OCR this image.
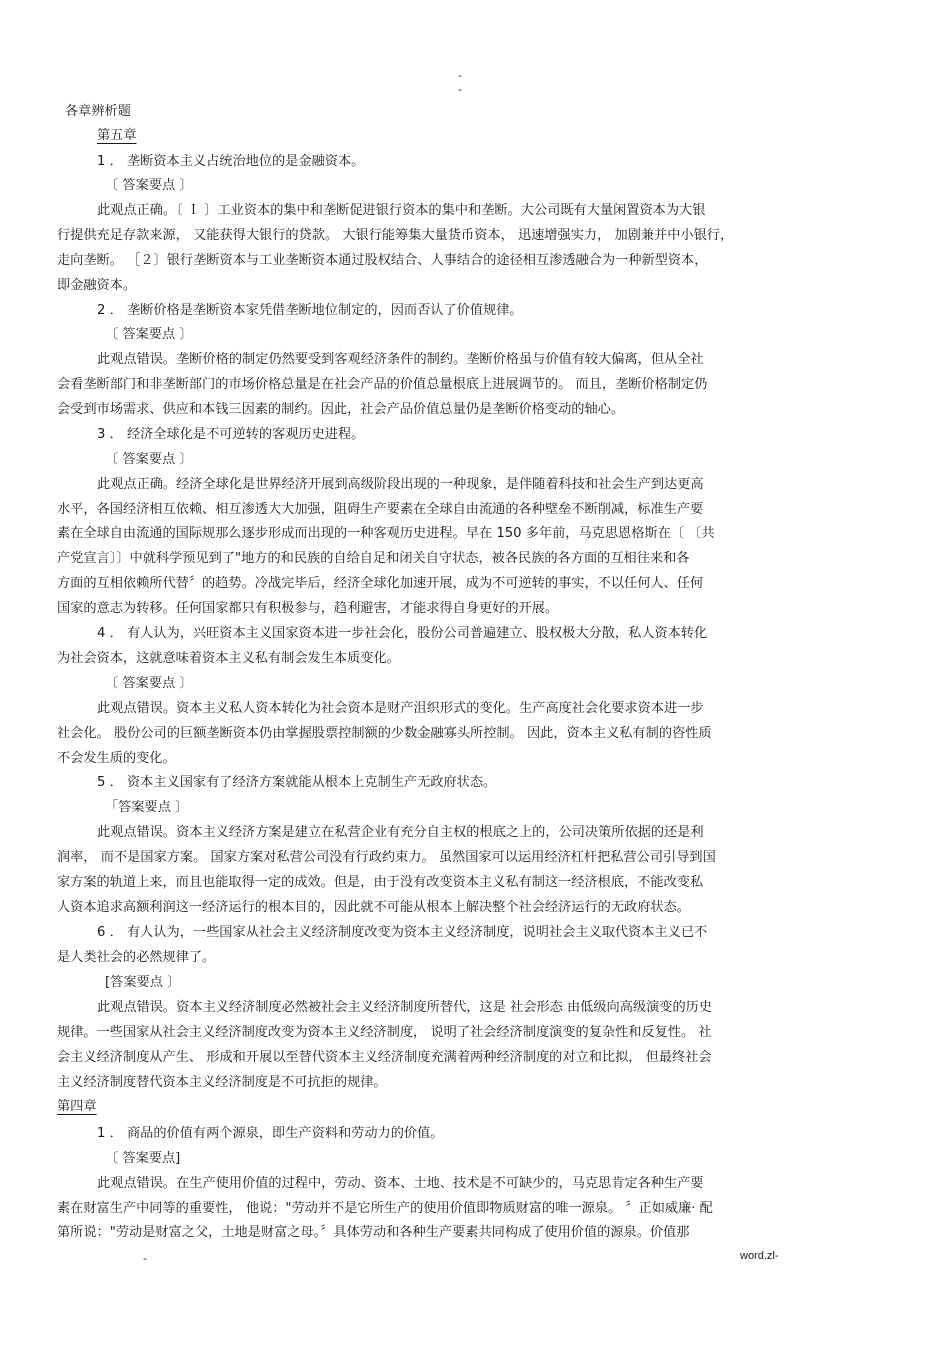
-
-
各章辨析题
第五章
1 ． 垄断资本主义占统治地位的是金融资本。
〔 答案要点 〕
此观点正确。〔 Ｉ 〕工业资本的集中和垄断促进银行资本的集中和垄断。大公司既有大量闲置资本为大银
行提供充足存款来源， 又能获得大银行的贷款。 大银行能筹集大量货币资本， 迅速增强实力， 加剧兼并中小银行，
走向垄断。 ［２〕银行垄断资本与工业垄断资本通过股权结合、人事结合的途径相互渗透融合为一种新型资本，
即金融资本。
2 ． 垄断价格是垄断资本家凭借垄断地位制定的，因而否认了价值规律。
〔 答案要点 〕
此观点错误。垄断价格的制定仍然要受到客观经济条件的制约。垄断价格虽与价值有较大偏离，但从全社
会看垄断部门和非垄断部门的市场价格总量是在社会产品的价值总量根底上进展调节的。 而且，垄断价格制定仍
会受到市场需求、供应和本钱三因素的制约。因此，社会产品价值总量仍是垄断价格变动的轴心。
3 ． 经济全球化是不可逆转的客观历史进程。
〔 答案要点 〕
此观点正确。经济全球化是世界经济开展到高级阶段出现的一种现象，是伴随着科技和社会生产到达更高
水平，各国经济相互依赖、相互渗透大大加强，阻碍生产要素在全球自由流通的各种壁垒不断削减，标准生产要
素在全球自由流通的国际规那么逐步形成而出现的一种客观历史进程。早在 150 多年前，马克思恩格斯在〔 〔共
产党宣言〕〕中就科学预见到了"地方的和民族的自给自足和闭关自守状态，被各民族的各方面的互相往来和各
方面的互相依赖所代替〞的趋势。冷战完毕后，经济全球化加速开展，成为不可逆转的事实，不以任何人、任何
国家的意志为转移。任何国家都只有积极参与，趋利避害，才能求得自身更好的开展。
4 ． 有人认为，兴旺资本主义国家资本进一步社会化，股份公司普遍建立、股权极大分散，私人资本转化
为社会资本，这就意味着资本主义私有制会发生本质变化。
〔 答案要点 〕
此观点错误。资本主义私人资本转化为社会资本是财产沮织形式的变化。生产高度社会化要求资本进一步
社会化。 股份公司的巨额垄断资本仍由掌握股票控制额的少数金融寡头所控制。 因此，资本主义私有制的咨性质
不会发生质的变化。
5 ． 资本主义国家有了经济方案就能从根本上克制生产无政府状态。
「答案要点 〕
此观点错误。资本主义经济方案是建立在私营企业有充分自主权的根底之上的，公司决策所依据的还是利
润率， 而不是国家方案。 国家方案对私营公司没有行政约束力。 虽然国家可以运用经济杠杆把私营公司引导到国
家方案的轨道上来，而且也能取得一定的成效。但是，由于没有改变资本主义私有制这一经济根底，不能改变私
人资本追求高额利润这一经济运行的根本目的，因此就不可能从根本上解决整个社会经济运行的无政府状态。
6 ． 有人认为，一些国家从社会主义经济制度改变为资本主义经济制度，说明社会主义取代资本主义已不
是人类社会的必然规律了。
[答案要点 〕
此观点错误。资本主义经济制度必然被社会主义经济制度所替代，这是 社会形态 由低级向高级演变的历史
规律。一些国家从社会主义经济制度改变为资本主义经济制度， 说明了社会经济制度演变的复杂性和反复性。 社
会主义经济制度从产生、 形成和开展以至替代资本主义经济制度充满着两种经济制度的对立和比拟， 但最终社会
主义经济制度替代资本主义经济制度是不可抗拒的规律。
第四章
1 ． 商品的价值有两个源泉，即生产资料和劳动力的价值。
〔 答案要点]
此观点错误。在生产使用价值的过程中，劳动、资本、土地、技术是不可缺少的，马克思肯定各种生产要
素在财富生产中同等的重要性， 他说："劳动并不是它所生产的使用价值即物质财富的唯一源泉。 〞正如威廉· 配
第所说："劳动是财富之父，土地是财富之母。〞具体劳动和各种生产要素共同构成了使用价值的源泉。价值那
-	word.zl-
